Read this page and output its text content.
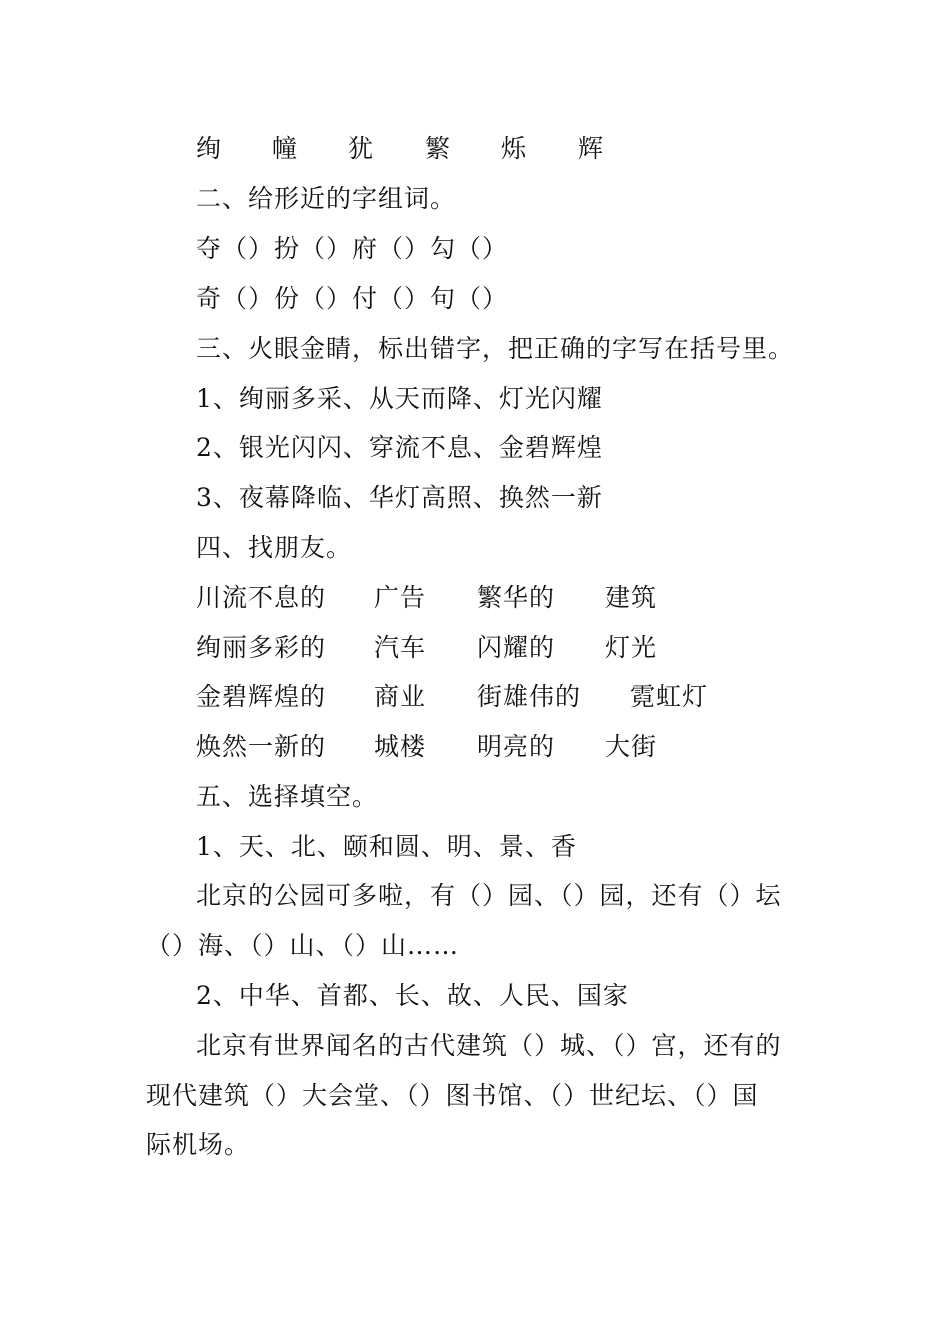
绚 幢 犹 繁 烁 辉
二、给形近的字组词。
夺（）扮（）府（）勾（）
奇（）份（）付（）句（）
三、火眼金睛，标出错字，把正确的字写在括号里。
1、绚丽多采、从天而降、灯光闪耀
2、银光闪闪、穿流不息、金碧辉煌
3、夜幕降临、华灯高照、换然一新
四、找朋友。
川流不息的 广告 繁华的 建筑
绚丽多彩的 汽车 闪耀的 灯光
金碧辉煌的 商业 街雄伟的 霓虹灯
焕然一新的 城楼 明亮的 大街
五、选择填空。
1、天、北、颐和圆、明、景、香
北京的公园可多啦，有（）园、（）园，还有（）坛
（）海、（）山、（）山……
2、中华、首都、长、故、人民、国家
北京有世界闻名的古代建筑（）城、（）宫，还有的
现代建筑（）大会堂、（）图书馆、（）世纪坛、（）国
际机场。
